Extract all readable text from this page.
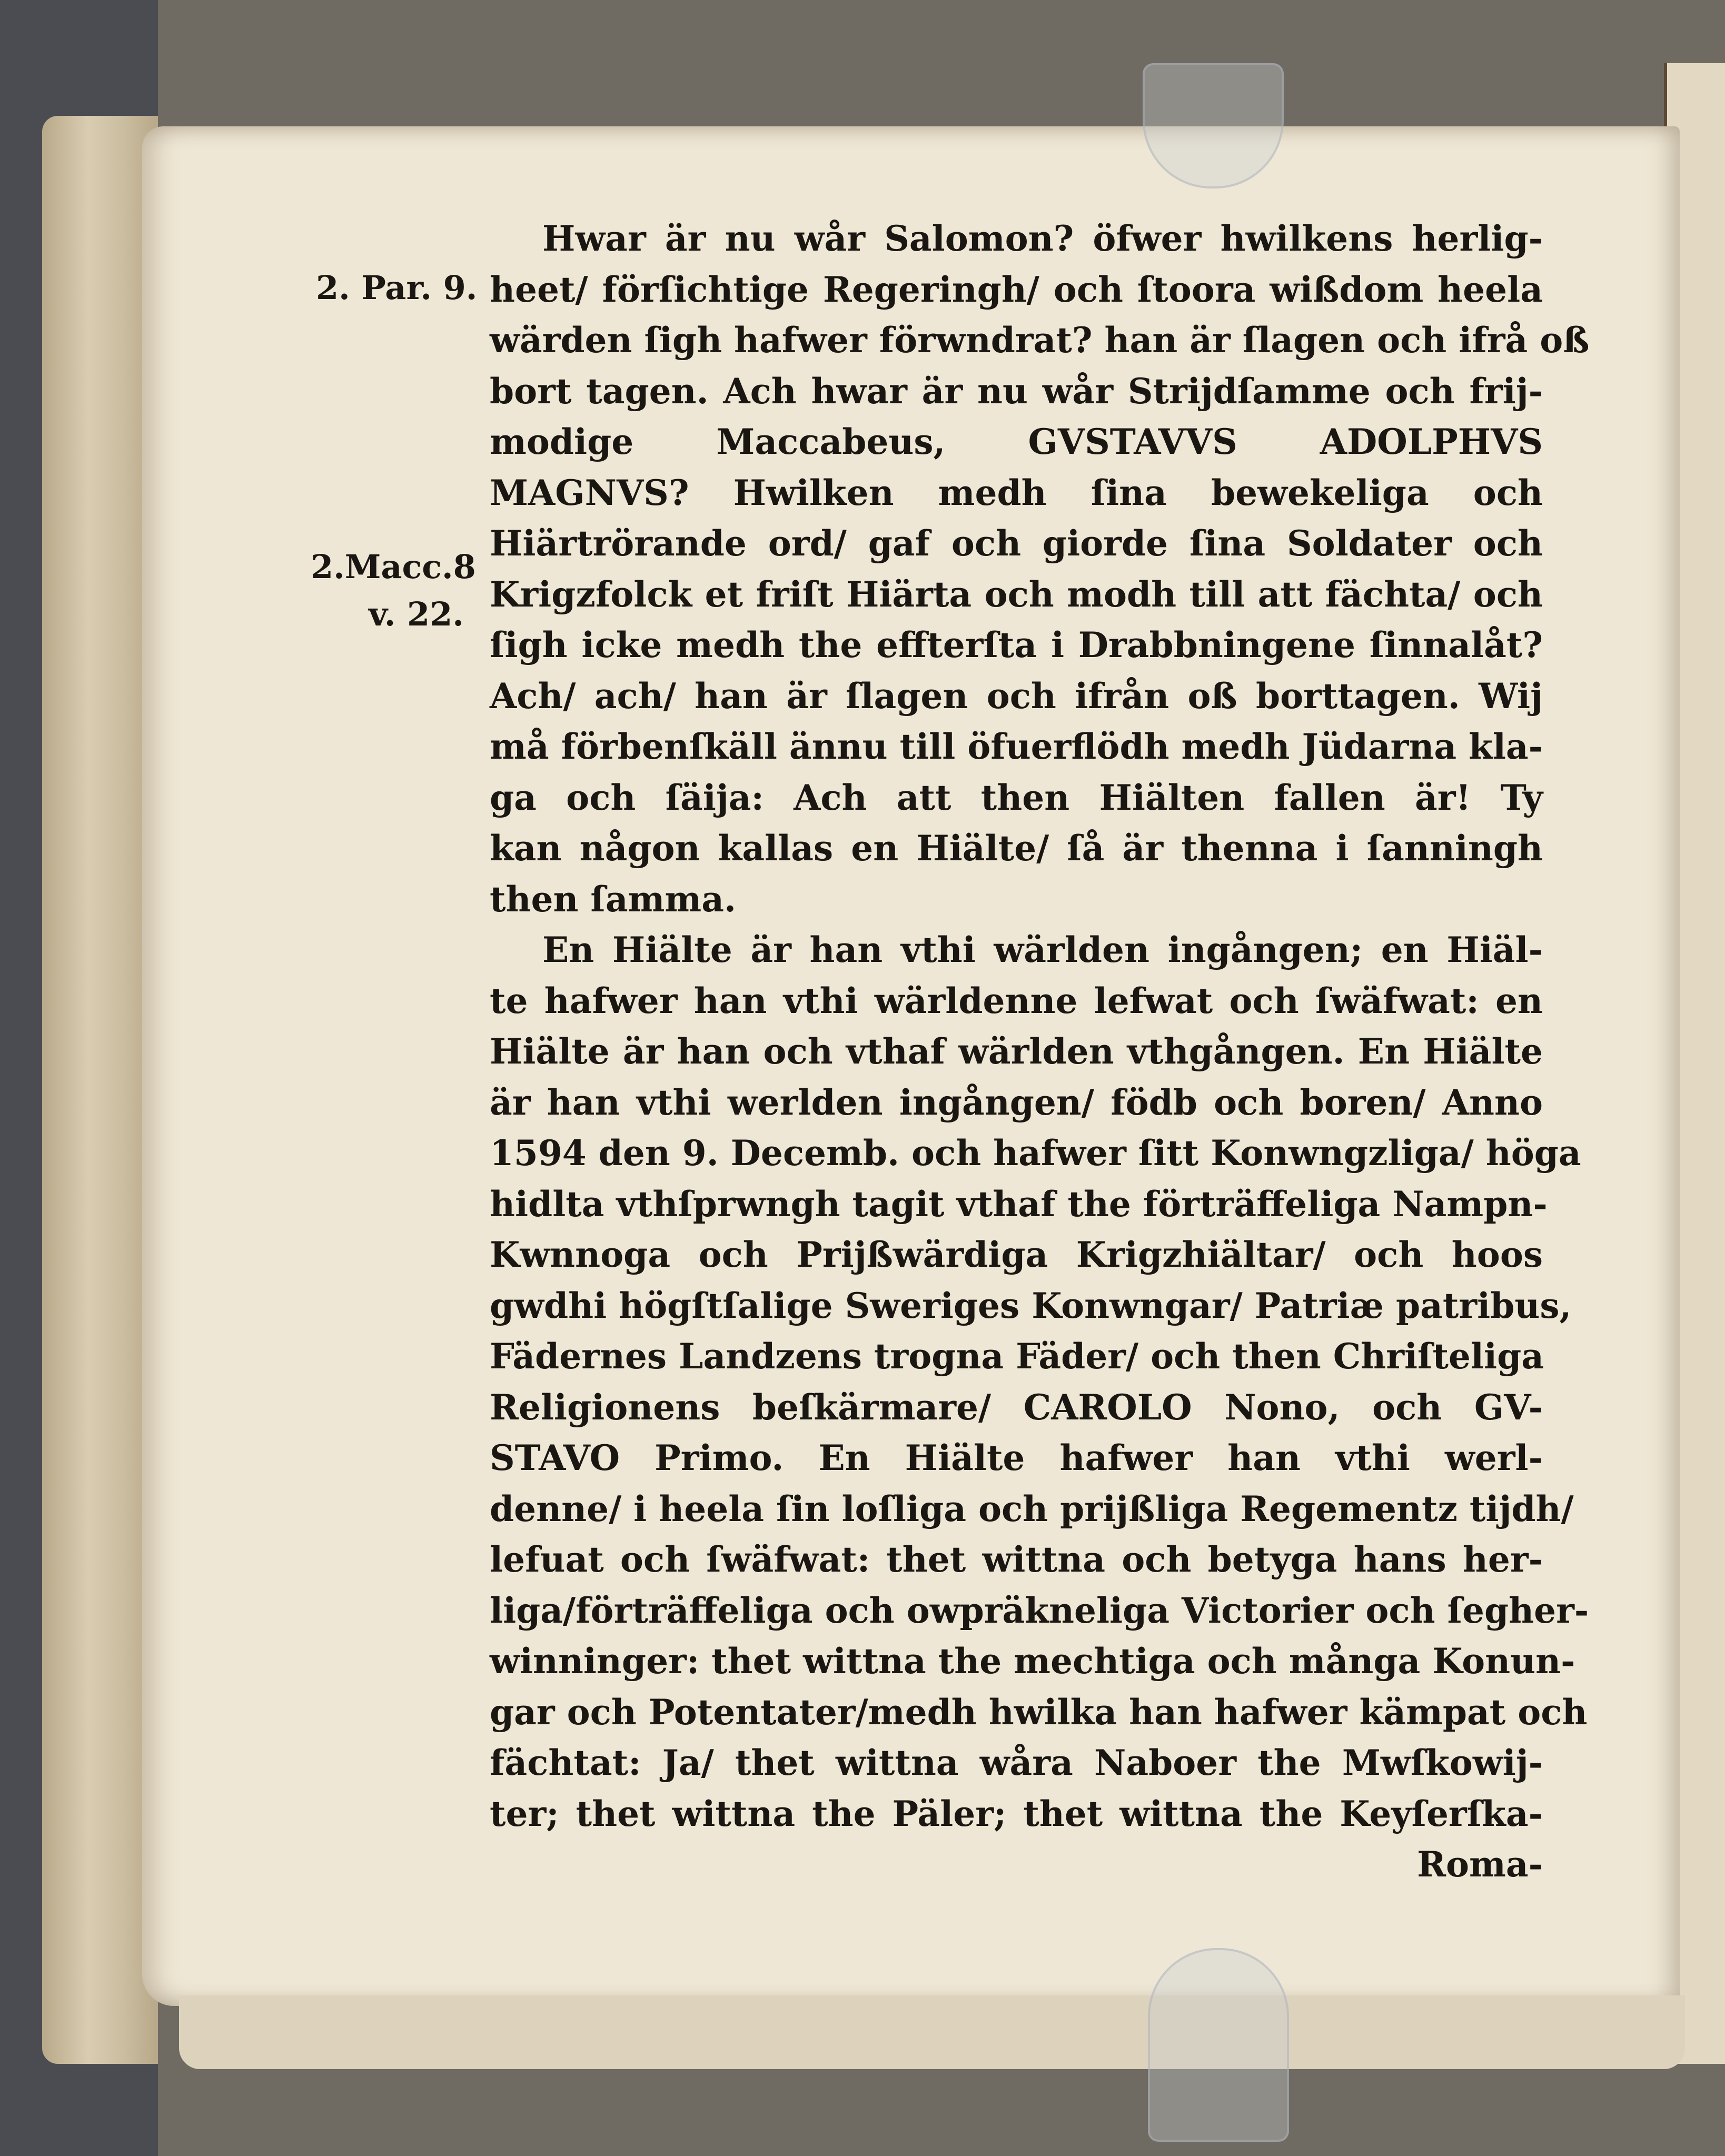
2. Par. 9.
2.Macc.8
v. 22.
Hwar är nu wår Salomon? öfwer hwilkens herlig-
heet/ förſichtige Regeringh/ och ſtoora wißdom heela
wärden ſigh hafwer förwndrat? han är ſlagen och ifrå oß
bort tagen. Ach hwar är nu wår Strijdſamme och frij-
modige Maccabeus, GVSTAVVS ADOLPHVS
MAGNVS? Hwilken medh ſina bewekeliga och
Hiärtrörande ord/ gaf och giorde ſina Soldater och
Krigzfolck et friſt Hiärta och modh till att fächta/ och
ſigh icke medh the effterſta i Drabbningene ſinnalåt?
Ach/ ach/ han är ſlagen och ifrån oß borttagen. Wij
må förbenſkäll ännu till öfuerflödh medh Jüdarna kla-
ga och ſäija: Ach att then Hiälten fallen är! Ty
kan någon kallas en Hiälte/ ſå är thenna i ſanningh
then ſamma.
En Hiälte är han vthi wärlden ingången; en Hiäl-
te hafwer han vthi wärldenne lefwat och ſwäfwat: en
Hiälte är han och vthaf wärlden vthgången. En Hiälte
är han vthi werlden ingången/ födb och boren/ Anno
1594 den 9. Decemb. och hafwer ſitt Konwngzliga/ höga
hidlta vthſprwngh tagit vthaf the förträffeliga Nampn-
Kwnnoga och Prijßwärdiga Krigzhiältar/ och hoos
gwdhi högſtſalige Sweriges Konwngar/ Patriæ patribus,
Fädernes Landzens trogna Fäder/ och then Chriſteliga
Religionens beſkärmare/ CAROLO Nono, och GV-
STAVO Primo. En Hiälte hafwer han vthi werl-
denne/ i heela ſin loſliga och prijßliga Regementz tijdh/
lefuat och ſwäfwat: thet wittna och betyga hans her-
liga/förträffeliga och owpräkneliga Victorier och ſegher-
winninger: thet wittna the mechtiga och många Konun-
gar och Potentater/medh hwilka han hafwer kämpat och
fächtat: Ja/ thet wittna wåra Naboer the Mwſkowij-
ter; thet wittna the Päler; thet wittna the Keyſerſka-
Roma-
